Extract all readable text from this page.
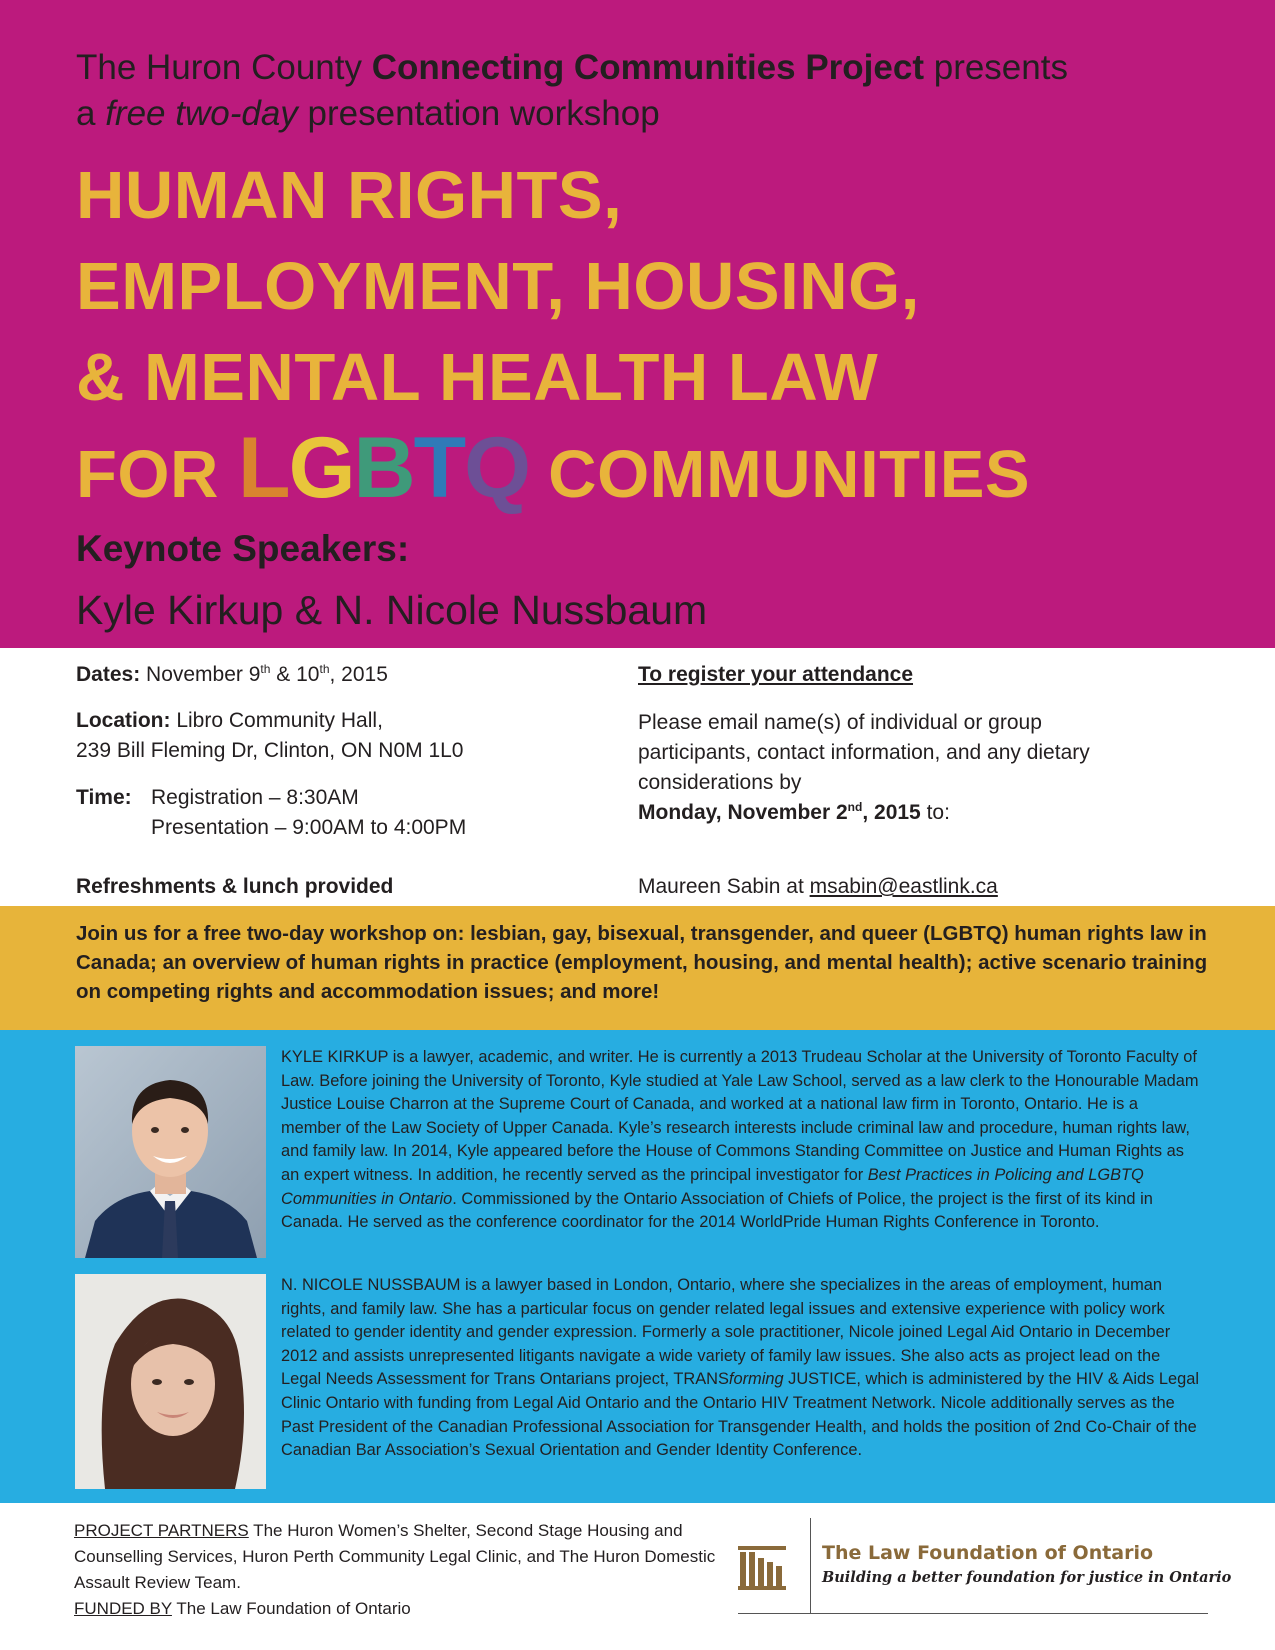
The Huron County Connecting Communities Project presents
a free two-day presentation workshop
HUMAN RIGHTS,
EMPLOYMENT, HOUSING,
& MENTAL HEALTH LAW
FOR LGBTQ COMMUNITIES
Keynote Speakers:
Kyle Kirkup & N. Nicole Nussbaum
Dates: November 9th & 10th, 2015
Location: Libro Community Hall,
239 Bill Fleming Dr, Clinton, ON N0M 1L0
Time: Registration – 8:30AM
Presentation – 9:00AM to 4:00PM
Refreshments & lunch provided
To register your attendance
Please email name(s) of individual or group
participants, contact information, and any dietary
considerations by
Monday, November 2nd, 2015 to:
Maureen Sabin at msabin@eastlink.ca

Join us for a free two-day workshop on: lesbian, gay, bisexual, transgender, and queer (LGBTQ) human rights law in Canada; an overview of human rights in practice (employment, housing, and mental health); active scenario training on competing rights and accommodation issues; and more!

KYLE KIRKUP is a lawyer, academic, and writer. He is currently a 2013 Trudeau Scholar at the University of Toronto Faculty of Law. Before joining the University of Toronto, Kyle studied at Yale Law School, served as a law clerk to the Honourable Madam Justice Louise Charron at the Supreme Court of Canada, and worked at a national law firm in Toronto, Ontario. He is a member of the Law Society of Upper Canada. Kyle’s research interests include criminal law and procedure, human rights law, and family law. In 2014, Kyle appeared before the House of Commons Standing Committee on Justice and Human Rights as an expert witness. In addition, he recently served as the principal investigator for Best Practices in Policing and LGBTQ Communities in Ontario. Commissioned by the Ontario Association of Chiefs of Police, the project is the first of its kind in Canada. He served as the conference coordinator for the 2014 WorldPride Human Rights Conference in Toronto.

N. NICOLE NUSSBAUM is a lawyer based in London, Ontario, where she specializes in the areas of employment, human rights, and family law. She has a particular focus on gender related legal issues and extensive experience with policy work related to gender identity and gender expression. Formerly a sole practitioner, Nicole joined Legal Aid Ontario in December 2012 and assists unrepresented litigants navigate a wide variety of family law issues. She also acts as project lead on the Legal Needs Assessment for Trans Ontarians project, TRANSforming JUSTICE, which is administered by the HIV & Aids Legal Clinic Ontario with funding from Legal Aid Ontario and the Ontario HIV Treatment Network. Nicole additionally serves as the Past President of the Canadian Professional Association for Transgender Health, and holds the position of 2nd Co-Chair of the Canadian Bar Association’s Sexual Orientation and Gender Identity Conference.

PROJECT PARTNERS The Huron Women’s Shelter, Second Stage Housing and Counselling Services, Huron Perth Community Legal Clinic, and The Huron Domestic Assault Review Team.
FUNDED BY The Law Foundation of Ontario
The Law Foundation of Ontario
Building a better foundation for justice in Ontario
